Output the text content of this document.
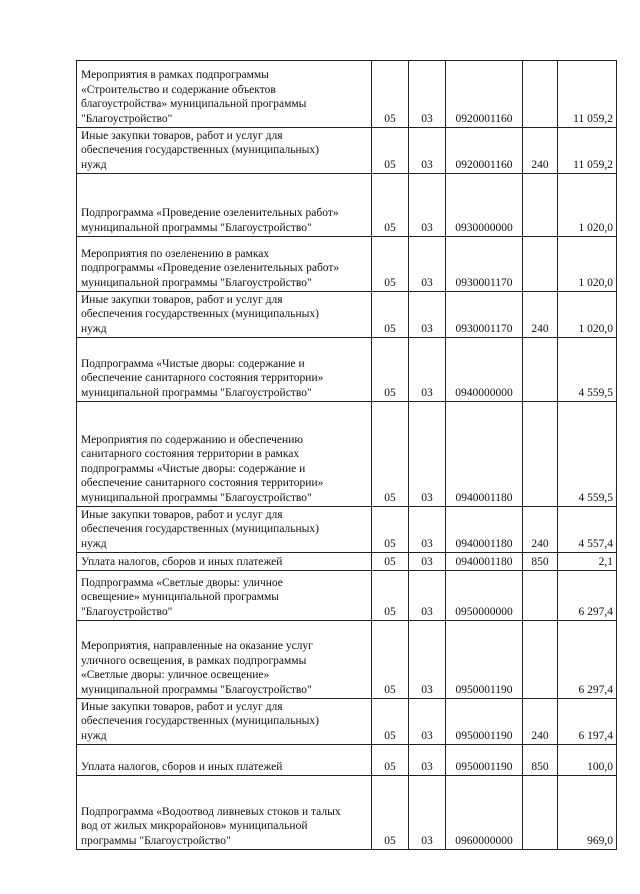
Мероприятия в рамках подпрограммы
«Строительство и содержание объектов
благоустройства» муниципальной программы
"Благоустройство"	05	03	0920001160		11 059,2

Иные закупки товаров, работ и услуг для
обеспечения государственных (муниципальных)
нужд	05	03	0920001160	240	11 059,2

Подпрограмма «Проведение озеленительных работ»
муниципальной программы "Благоустройство"	05	03	0930000000		1 020,0

Мероприятия по озеленению в рамках
подпрограммы «Проведение озеленительных работ»
муниципальной программы "Благоустройство"	05	03	0930001170		1 020,0

Иные закупки товаров, работ и услуг для
обеспечения государственных (муниципальных)
нужд	05	03	0930001170	240	1 020,0

Подпрограмма «Чистые дворы: содержание и
обеспечение санитарного состояния территории»
муниципальной программы "Благоустройство"	05	03	0940000000		4 559,5

Мероприятия по содержанию и обеспечению
санитарного состояния территории в рамках
подпрограммы «Чистые дворы: содержание и
обеспечение санитарного состояния территории»
муниципальной программы "Благоустройство"	05	03	0940001180		4 559,5

Иные закупки товаров, работ и услуг для
обеспечения государственных (муниципальных)
нужд	05	03	0940001180	240	4 557,4

Уплата налогов, сборов и иных платежей	05	03	0940001180	850	2,1

Подпрограмма «Светлые дворы: уличное
освещение» муниципальной программы
"Благоустройство"	05	03	0950000000		6 297,4

Мероприятия, направленные на оказание услуг
уличного освещения, в рамках подпрограммы
«Светлые дворы: уличное освещение»
муниципальной программы "Благоустройство"	05	03	0950001190		6 297,4

Иные закупки товаров, работ и услуг для
обеспечения государственных (муниципальных)
нужд	05	03	0950001190	240	6 197,4

Уплата налогов, сборов и иных платежей	05	03	0950001190	850	100,0

Подпрограмма «Водоотвод ливневых стоков и талых
вод от жилых микрорайонов» муниципальной
программы "Благоустройство"	05	03	0960000000		969,0
